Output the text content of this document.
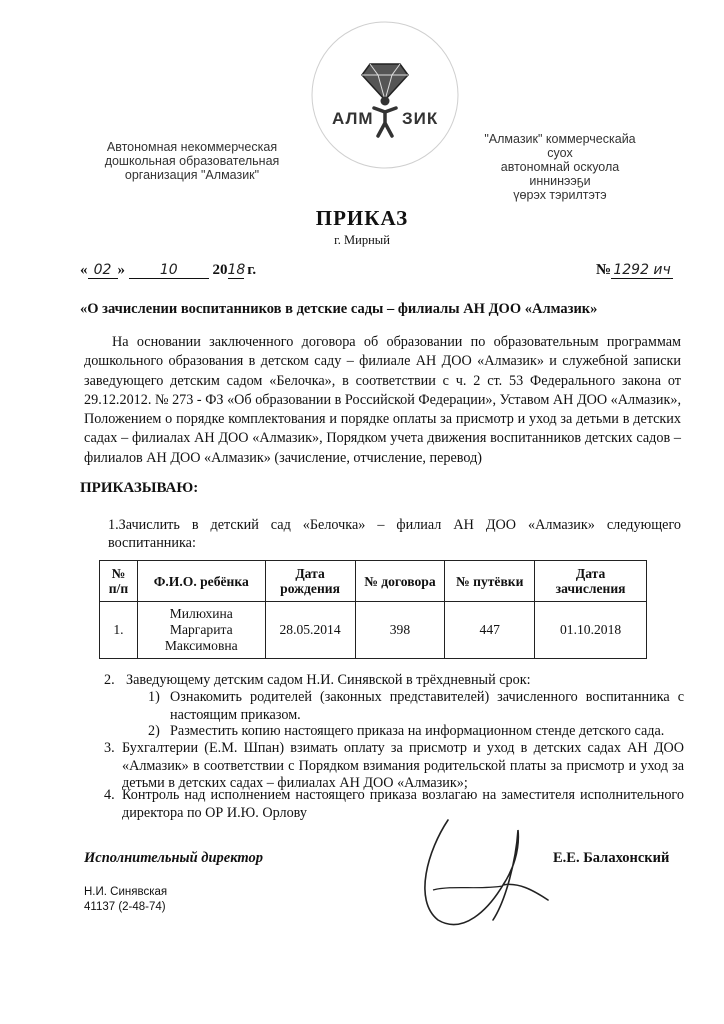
Автономная некоммерческая
дошкольная образовательная
организация "Алмазик"
АЛМ ЗИК
"Алмазик" коммерческайа суох
автономнай оскуола иннинээҕи
үөрэх тэрилтэтэ
ПРИКАЗ
г. Мирный
« 02 » 10 2018 г.	№ 1292 ич
«О зачислении воспитанников в детские сады – филиалы АН ДОО «Алмазик»
На основании заключенного договора об образовании по образовательным программам дошкольного образования в детском саду – филиале АН ДОО «Алмазик» и служебной записки заведующего детским садом «Белочка», в соответствии с ч. 2 ст. 53 Федерального закона от 29.12.2012. № 273 - ФЗ «Об образовании в Российской Федерации», Уставом АН ДОО «Алмазик», Положением о порядке комплектования и порядке оплаты за присмотр и уход за детьми в детских садах – филиалах АН ДОО «Алмазик», Порядком учета движения воспитанников детских садов – филиалов АН ДОО «Алмазик» (зачисление, отчисление, перевод)
ПРИКАЗЫВАЮ:
1.Зачислить в детский сад «Белочка» – филиал АН ДОО «Алмазик» следующего воспитанника:
№
п/п	Ф.И.О. ребёнка	Дата
рождения	№ договора	№ путёвки	Дата
зачисления
1.	Милюхина
Маргарита
Максимовна	28.05.2014	398	447	01.10.2018
2. Заведующему детским садом Н.И. Синявской в трёхдневный срок:
1) Ознакомить родителей (законных представителей) зачисленного воспитанника с настоящим приказом.
2) Разместить копию настоящего приказа на информационном стенде детского сада.
3. Бухгалтерии (Е.М. Шпан) взимать оплату за присмотр и уход в детских садах АН ДОО «Алмазик» в соответствии с Порядком взимания родительской платы за присмотр и уход за детьми в детских садах – филиалах АН ДОО «Алмазик»;
4. Контроль над исполнением настоящего приказа возлагаю на заместителя исполнительного директора по ОР И.Ю. Орлову
Исполнительный директор	Е.Е. Балахонский
Н.И. Синявская
41137 (2-48-74)
